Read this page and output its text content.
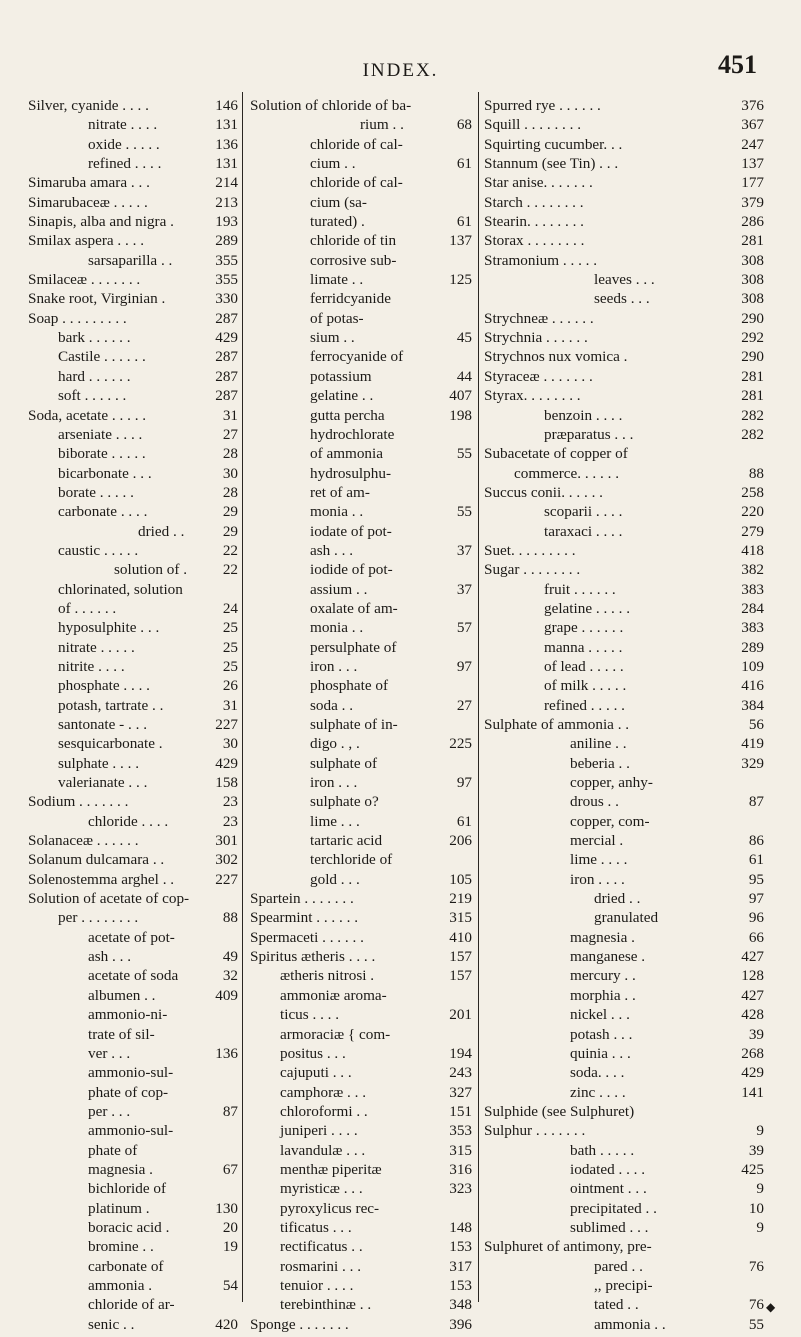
INDEX.	451
Silver, cyanide . . . .	146
nitrate . . . .	131
oxide . . . . .	136
refined . . . .	131
Simaruba amara . . .	214
Simarubaceæ . . . . .	213
Sinapis, alba and nigra .	193
Smilax aspera . . . .	289
sarsaparilla . .	355
Smilaceæ . . . . . . .	355
Snake root, Virginian .	330
Soap . . . . . . . . .	287
bark . . . . . .	429
Castile . . . . . .	287
hard . . . . . .	287
soft . . . . . .	287
Soda, acetate . . . . .	31
arseniate . . . .	27
biborate . . . . .	28
bicarbonate . . .	30
borate . . . . .	28
carbonate . . . .	29
dried . .	29
caustic . . . . .	22
solution of . 22
chlorinated, solution
of . . . . . .	24
hyposulphite . . .	25
nitrate . . . . .	25
nitrite . . . .	25
phosphate . . . .	26
potash, tartrate . .	31
santonate - . . .	227
sesquicarbonate .	30
sulphate . . . .	429
valerianate . . .	158
Sodium . . . . . . .	23
chloride . . . .	23
Solanaceæ . . . . . .	301
Solanum dulcamara . .	302
Solenostemma arghel . .	227
Solution of acetate of cop-
per . . . . . . . .	88
acetate of pot-
ash . . .	49
acetate of soda	32
albumen . .	409
ammonio-ni-
trate of sil-
ver . . .	136
ammonio-sul-
phate of cop-
per . . .	87
ammonio-sul-
phate of
magnesia .	67
bichloride of
platinum .	130
boracic acid .	20
bromine . .	19
carbonate of
ammonia .	54
chloride of ar-
senic . .	420
Solution of chloride of ba-
rium . .	68
chloride of cal-
cium . .	61
chloride of cal-
cium (sa-
turated) .	61
chloride of tin	137
corrosive sub-
limate . .	125
ferridcyanide
of potas-
sium . .	45
ferrocyanide of
potassium	44
gelatine . .	407
gutta percha	198
hydrochlorate
of ammonia	55
hydrosulphu-
ret of am-
monia . .	55
iodate of pot-
ash . . .	37
iodide of pot-
assium . .	37
oxalate of am-
monia . .	57
persulphate of
iron . . .	97
phosphate of
soda . .	27
sulphate of in-
digo . , .	225
sulphate of
iron . . .	97
sulphate o?
lime . . .	61
tartaric acid	206
terchloride of
gold . . .	105
Spartein . . . . . . .	219
Spearmint . . . . . .	315
Spermaceti . . . . . .	410
Spiritus ætheris . . . .	157
ætheris nitrosi .	157
ammoniæ aroma-
ticus . . . .	201
armoraciæ { com-
positus . . .	194
cajuputi . . .	243
camphoræ . . .	327
chloroformi . .	151
juniperi . . . .	353
lavandulæ . . .	315
menthæ piperitæ	316
myristicæ . . .	323
pyroxylicus rec-
tificatus . . .	148
rectificatus . .	153
rosmarini . . .	317
tenuior . . . .	153
terebinthinæ . .	348
Sponge . . . . . . .	396
Spurred rye . . . . . .	376
Squill . . . . . . . .	367
Squirting cucumber. . .	247
Stannum (see Tin) . . .	137
Star anise. . . . . . .	177
Starch . . . . . . . .	379
Stearin. . . . . . . .	286
Storax . . . . . . . .	281
Stramonium . . . . .	308
leaves . . .	308
seeds . . .	308
Strychneæ . . . . . .	290
Strychnia . . . . . .	292
Strychnos nux vomica .	290
Styraceæ . . . . . . .	281
Styrax. . . . . . . .	281
benzoin . . . .	282
præparatus . . .	282
Subacetate of copper of
commerce. . . . . .	88
Succus conii. . . . . .	258
scoparii . . . .	220
taraxaci . . . .	279
Suet. . . . . . . . .	418
Sugar . . . . . . . .	382
fruit . . . . . .	383
gelatine . . . . .	284
grape . . . . . .	383
manna . . . . .	289
of lead . . . . .	109
of milk . . . . .	416
refined . . . . .	384
Sulphate of ammonia . .	56
aniline . .	419
beberia . .	329
copper, anhy-
drous . .	87
copper, com-
mercial .	86
lime . . . .	61
iron . . . .	95
dried . .	97
granulated	96
magnesia .	66
manganese .	427
mercury . .	128
morphia . .	427
nickel . . .	428
potash . . .	39
quinia . . .	268
soda. . . .	429
zinc . . . .	141
Sulphide (see Sulphuret)
Sulphur . . . . . . .	9
bath . . . . .	39
iodated . . . .	425
ointment . . .	9
precipitated . .	10
sublimed . . .	9
Sulphuret of antimony, pre-
pared . .	76
,, precipi-
tated . .	76
ammonia . .	55
◆
